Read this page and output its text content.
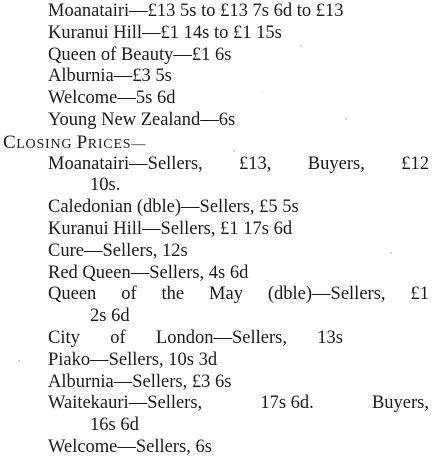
Moanatairi—£13 5s to £13 7s 6d to £13
Kuranui Hill—£1 14s to £1 15s
Queen of Beauty—£1 6s
Alburnia—£3 5s
Welcome—5s 6d
Young New Zealand—6s
CLOSING PRICES—
Moanatairi—Sellers, £13, Buyers, £12
10s.
Caledonian (dble)—Sellers, £5 5s
Kuranui Hill—Sellers, £1 17s 6d
Cure—Sellers, 12s
Red Queen—Sellers, 4s 6d
Queen of the May (dble)—Sellers, £1
2s 6d
City of London—Sellers, 13s
Piako—Sellers, 10s 3d
Alburnia—Sellers, £3 6s
Waitekauri—Sellers,	17s 6d.	Buyers,
16s 6d
Welcome—Sellers, 6s
